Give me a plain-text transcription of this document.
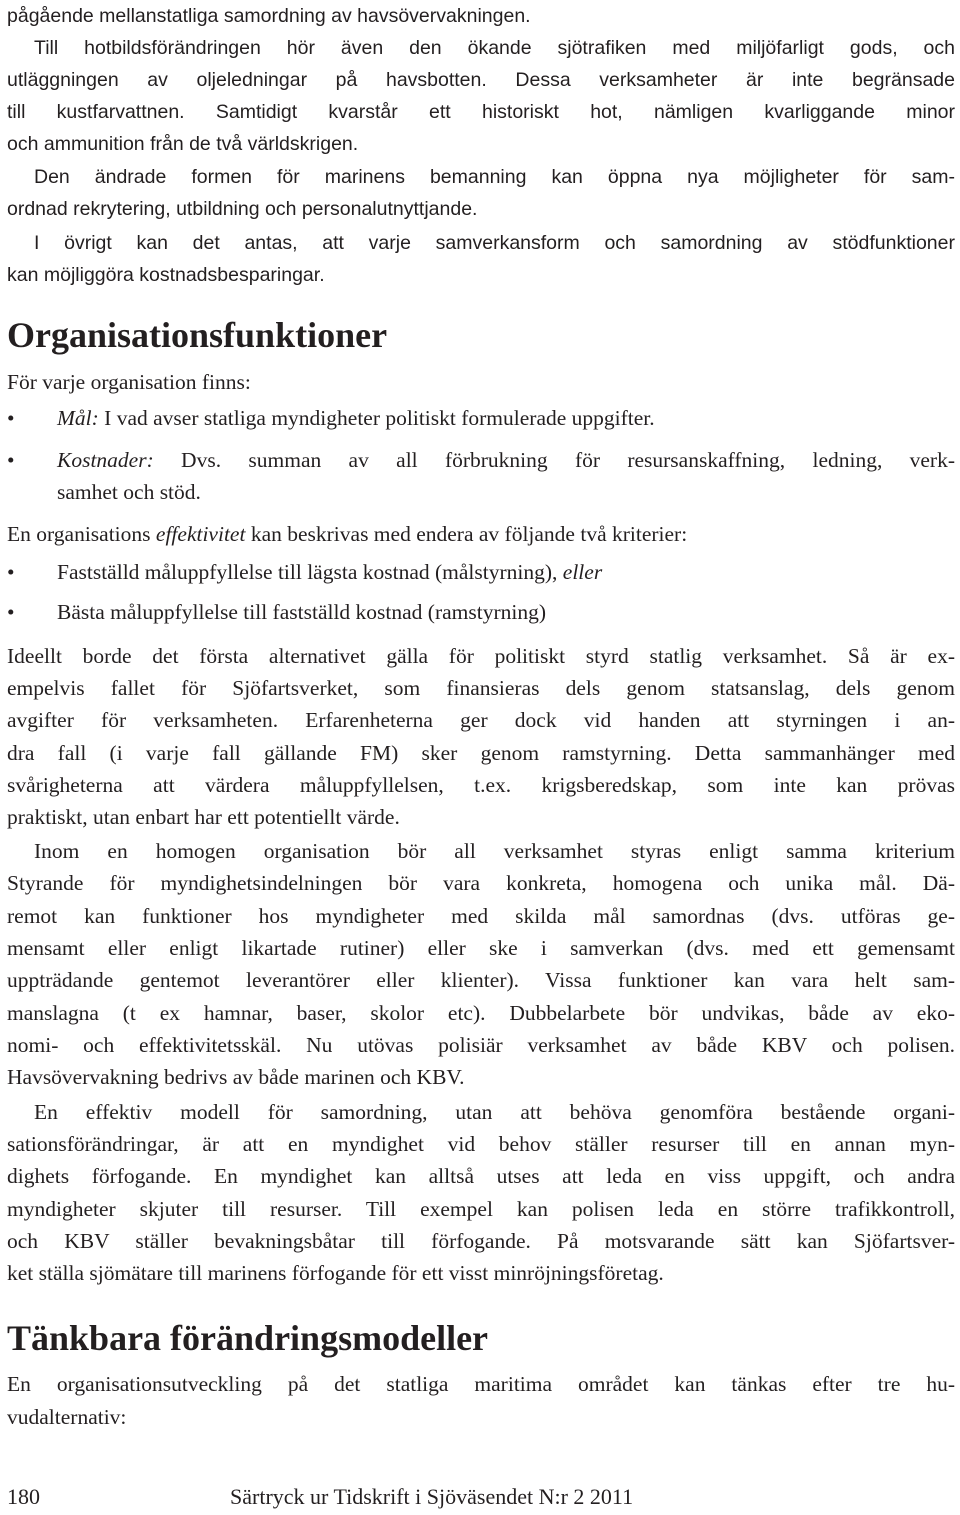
pågående mellanstatliga samordning av havsövervakningen.
Till hotbildsförändringen hör även den ökande sjötrafiken med miljöfarligt gods, och
utläggningen av oljeledningar på havsbotten. Dessa verksamheter är inte begränsade
till kustfarvattnen. Samtidigt kvarstår ett historiskt hot, nämligen kvarliggande minor
och ammunition från de två världskrigen.
Den ändrade formen för marinens bemanning kan öppna nya möjligheter för sam-
ordnad rekrytering, utbildning och personalutnyttjande.
I övrigt kan det antas, att varje samverkansform och samordning av stödfunktioner
kan möjliggöra kostnadsbesparingar.
Organisationsfunktioner
För varje organisation finns:
• Mål: I vad avser statliga myndigheter politiskt formulerade uppgifter.
• Kostnader: Dvs. summan av all förbrukning för resursanskaffning, ledning, verk-
samhet och stöd.
En organisations effektivitet kan beskrivas med endera av följande två kriterier:
• Fastställd måluppfyllelse till lägsta kostnad (målstyrning), eller
• Bästa måluppfyllelse till fastställd kostnad (ramstyrning)
Ideellt borde det första alternativet gälla för politiskt styrd statlig verksamhet. Så är ex-
empelvis fallet för Sjöfartsverket, som finansieras dels genom statsanslag, dels genom
avgifter för verksamheten. Erfarenheterna ger dock vid handen att styrningen i an-
dra fall (i varje fall gällande FM) sker genom ramstyrning. Detta sammanhänger med
svårigheterna att värdera måluppfyllelsen, t.ex. krigsberedskap, som inte kan prövas
praktiskt, utan enbart har ett potentiellt värde.
Inom en homogen organisation bör all verksamhet styras enligt samma kriterium
Styrande för myndighetsindelningen bör vara konkreta, homogena och unika mål. Dä-
remot kan funktioner hos myndigheter med skilda mål samordnas (dvs. utföras ge-
mensamt eller enligt likartade rutiner) eller ske i samverkan (dvs. med ett gemensamt
uppträdande gentemot leverantörer eller klienter). Vissa funktioner kan vara helt sam-
manslagna (t ex hamnar, baser, skolor etc). Dubbelarbete bör undvikas, både av eko-
nomi- och effektivitetsskäl. Nu utövas polisiär verksamhet av både KBV och polisen.
Havsövervakning bedrivs av både marinen och KBV.
En effektiv modell för samordning, utan att behöva genomföra bestående organi-
sationsförändringar, är att en myndighet vid behov ställer resurser till en annan myn-
dighets förfogande. En myndighet kan alltså utses att leda en viss uppgift, och andra
myndigheter skjuter till resurser. Till exempel kan polisen leda en större trafikkontroll,
och KBV ställer bevakningsbåtar till förfogande. På motsvarande sätt kan Sjöfartsver-
ket ställa sjömätare till marinens förfogande för ett visst minröjningsföretag.
Tänkbara förändringsmodeller
En organisationsutveckling på det statliga maritima området kan tänkas efter tre hu-
vudalternativ:
180	Särtryck ur Tidskrift i Sjöväsendet N:r 2 2011
